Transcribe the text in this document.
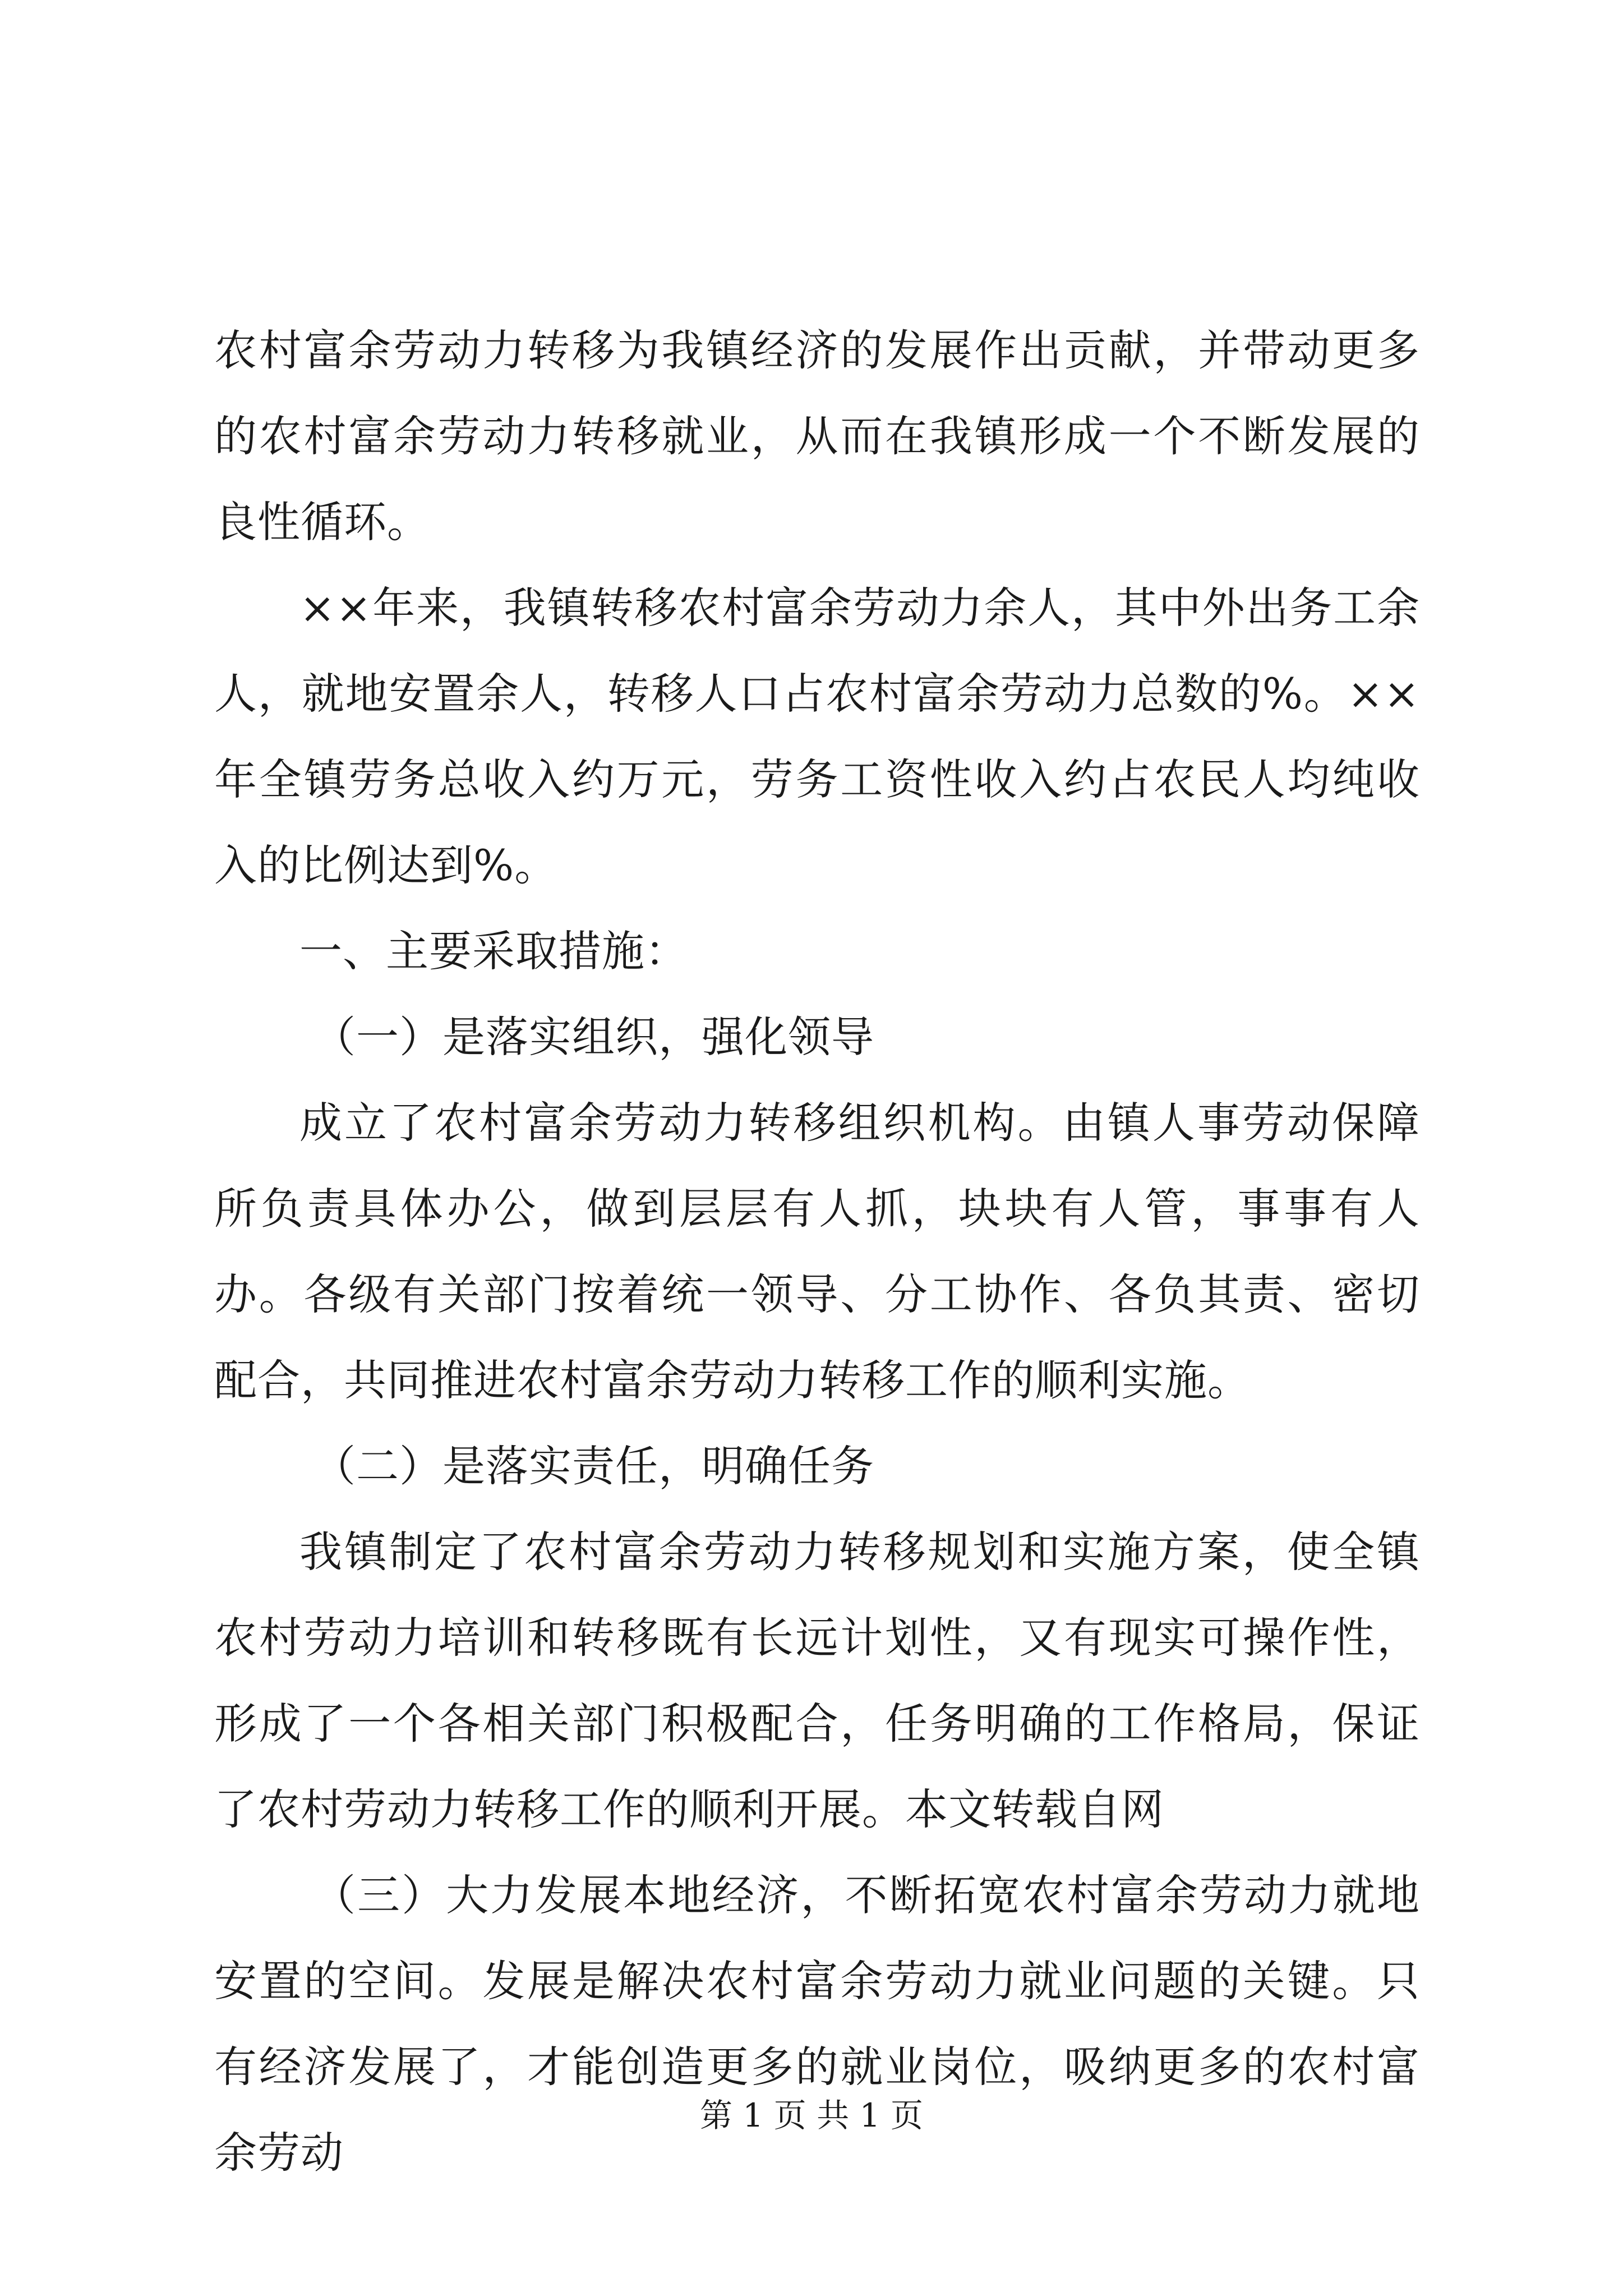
农村富余劳动力转移为我镇经济的发展作出贡献，并带动更多的农村富余劳动力转移就业，从而在我镇形成一个不断发展的良性循环。

××年来，我镇转移农村富余劳动力余人，其中外出务工余人，就地安置余人，转移人口占农村富余劳动力总数的%。××年全镇劳务总收入约万元，劳务工资性收入约占农民人均纯收入的比例达到%。

一、主要采取措施：

（一）是落实组织，强化领导

成立了农村富余劳动力转移组织机构。由镇人事劳动保障所负责具体办公，做到层层有人抓，块块有人管，事事有人办。各级有关部门按着统一领导、分工协作、各负其责、密切配合，共同推进农村富余劳动力转移工作的顺利实施。

（二）是落实责任，明确任务

我镇制定了农村富余劳动力转移规划和实施方案，使全镇农村劳动力培训和转移既有长远计划性，又有现实可操作性，形成了一个各相关部门积极配合，任务明确的工作格局，保证了农村劳动力转移工作的顺利开展。本文转载自网

（三）大力发展本地经济，不断拓宽农村富余劳动力就地安置的空间。发展是解决农村富余劳动力就业问题的关键。只有经济发展了，才能创造更多的就业岗位，吸纳更多的农村富余劳动

第 1 页 共 1 页
